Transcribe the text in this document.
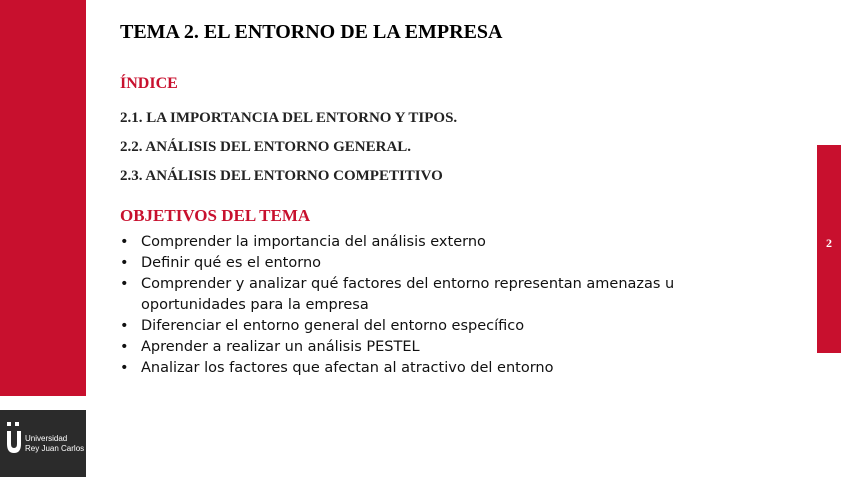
Universidad
Rey Juan Carlos
2
TEMA 2. EL ENTORNO DE LA EMPRESA
ÍNDICE
2.1. LA IMPORTANCIA DEL ENTORNO Y TIPOS.
2.2. ANÁLISIS DEL ENTORNO GENERAL.
2.3. ANÁLISIS DEL ENTORNO COMPETITIVO
OBJETIVOS DEL TEMA
• Comprender la importancia del análisis externo
• Definir qué es el entorno
• Comprender y analizar qué factores del entorno representan amenazas u oportunidades para la empresa
• Diferenciar el entorno general del entorno específico
• Aprender a realizar un análisis PESTEL
• Analizar los factores que afectan al atractivo del entorno
